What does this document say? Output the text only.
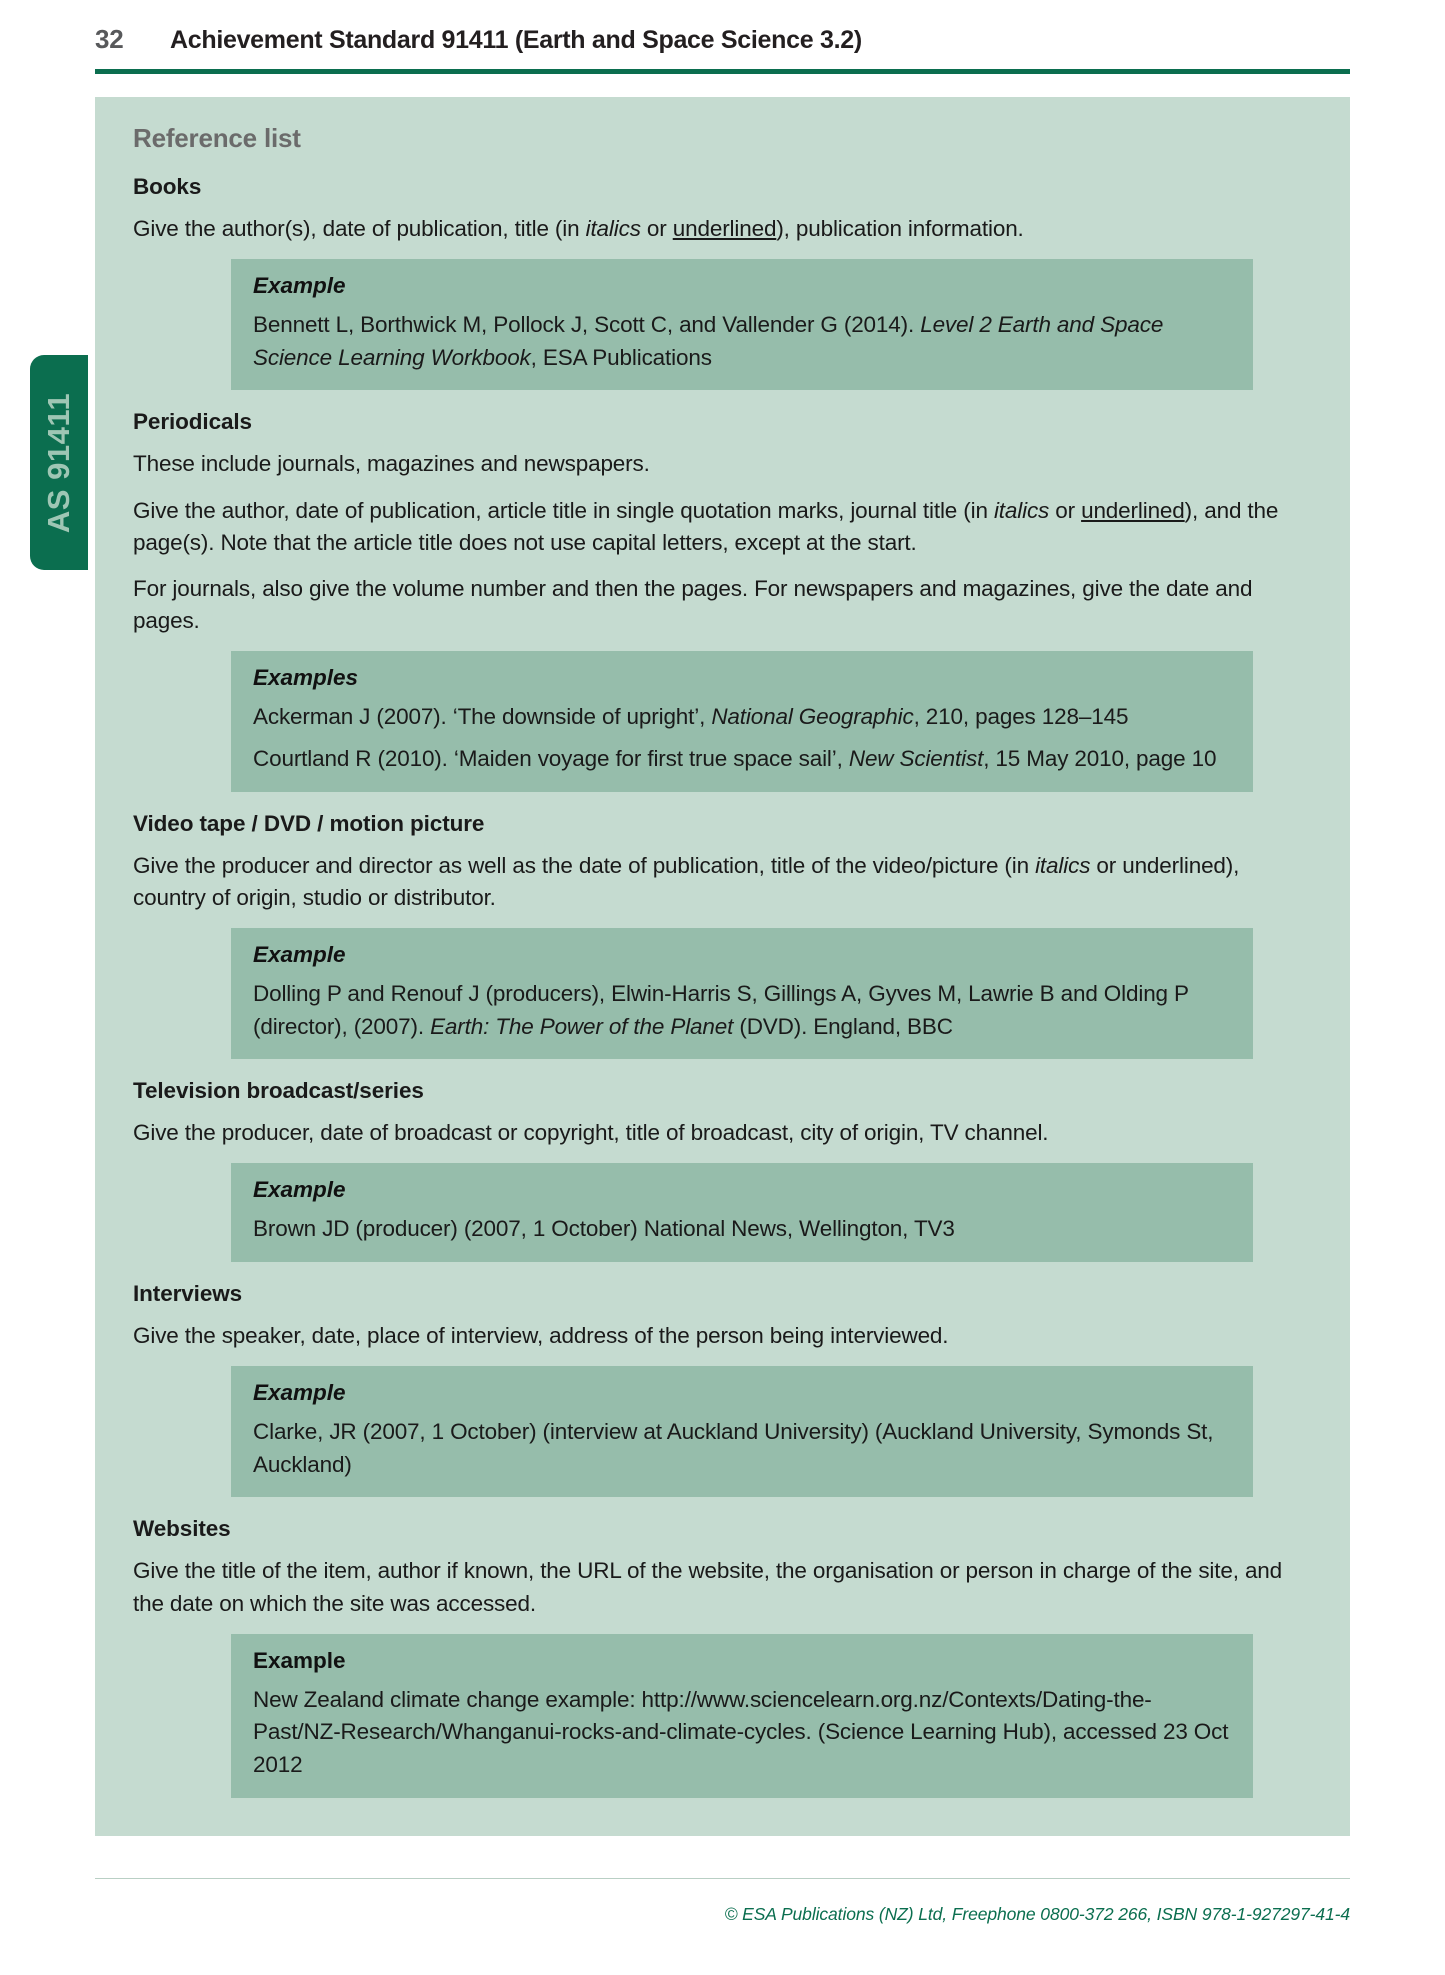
32	Achievement Standard 91411 (Earth and Space Science 3.2)
AS 91411
Reference list
Books

Give the author(s), date of publication, title (in italics or underlined), publication information.

Example
Bennett L, Borthwick M, Pollock J, Scott C, and Vallender G (2014). Level 2 Earth and Space Science Learning Workbook, ESA Publications
Periodicals

These include journals, magazines and newspapers.

Give the author, date of publication, article title in single quotation marks, journal title (in italics or underlined), and the page(s). Note that the article title does not use capital letters, except at the start.

For journals, also give the volume number and then the pages. For newspapers and magazines, give the date and pages.

Examples
Ackerman J (2007). ‘The downside of upright’, National Geographic, 210, pages 128–145
Courtland R (2010). ‘Maiden voyage for first true space sail’, New Scientist, 15 May 2010, page 10
Video tape / DVD / motion picture

Give the producer and director as well as the date of publication, title of the video/picture (in italics or underlined), country of origin, studio or distributor.

Example
Dolling P and Renouf J (producers), Elwin-Harris S, Gillings A, Gyves M, Lawrie B and Olding P (director), (2007). Earth: The Power of the Planet (DVD). England, BBC
Television broadcast/series

Give the producer, date of broadcast or copyright, title of broadcast, city of origin, TV channel.

Example
Brown JD (producer) (2007, 1 October) National News, Wellington, TV3
Interviews

Give the speaker, date, place of interview, address of the person being interviewed.

Example
Clarke, JR (2007, 1 October) (interview at Auckland University) (Auckland University, Symonds St, Auckland)
Websites

Give the title of the item, author if known, the URL of the website, the organisation or person in charge of the site, and the date on which the site was accessed.

Example
New Zealand climate change example: http://www.sciencelearn.org.nz/Contexts/Dating-the-Past/NZ-Research/Whanganui-rocks-and-climate-cycles. (Science Learning Hub), accessed 23 Oct 2012
© ESA Publications (NZ) Ltd, Freephone 0800-372 266, ISBN 978-1-927297-41-4
